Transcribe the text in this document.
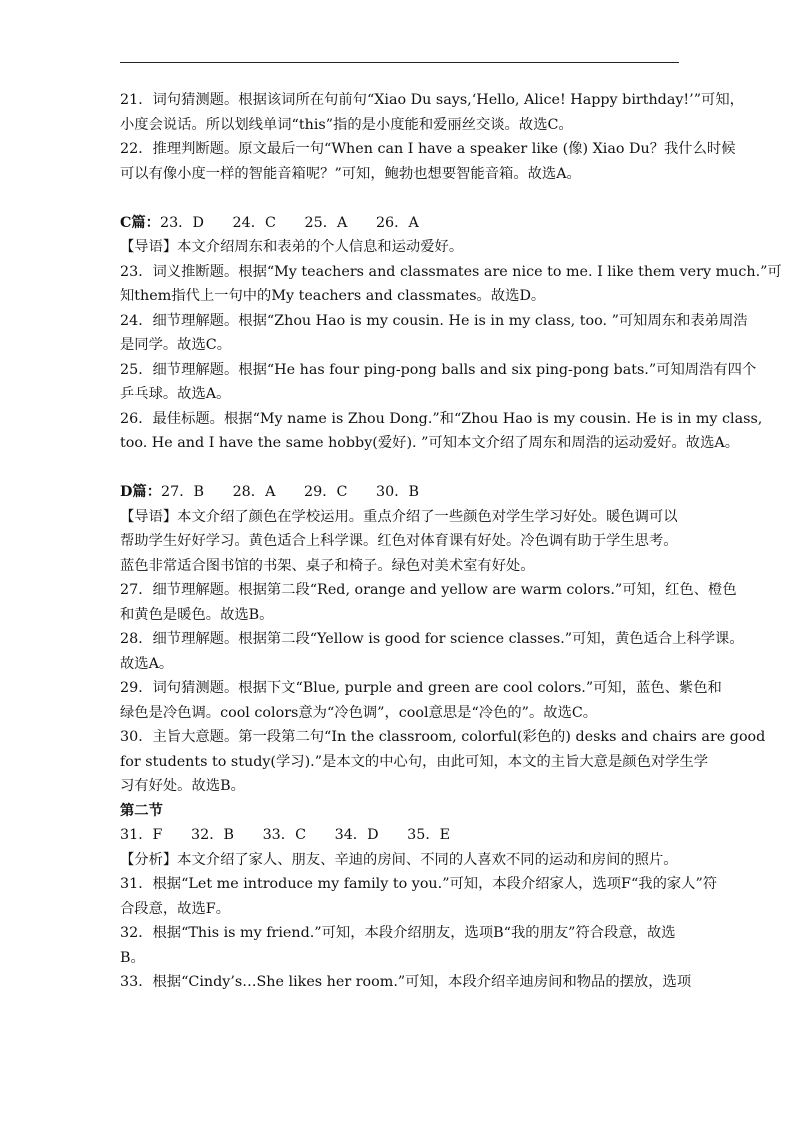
21．词句猜测题。根据该词所在句前句“Xiao Du says,‘Hello, Alice! Happy birthday!’”可知，

小度会说话。所以划线单词“this”指的是小度能和爱丽丝交谈。故选C。

22．推理判断题。原文最后一句“When can I have a speaker like (像) Xiao Du？我什么时候

可以有像小度一样的智能音箱呢？”可知，鲍勃也想要智能音箱。故选A。

C篇：23．D　　24．C　　25．A　　26．A

【导语】本文介绍周东和表弟的个人信息和运动爱好。

23．词义推断题。根据“My teachers and classmates are nice to me. I like them very much.”可

知them指代上一句中的My teachers and classmates。故选D。

24．细节理解题。根据“Zhou Hao is my cousin. He is in my class, too. ”可知周东和表弟周浩

是同学。故选C。

25．细节理解题。根据“He has four ping-pong balls and six ping-pong bats.”可知周浩有四个

乒乓球。故选A。

26．最佳标题。根据“My name is Zhou Dong.”和“Zhou Hao is my cousin. He is in my class,

too. He and I have the same hobby(爱好). ”可知本文介绍了周东和周浩的运动爱好。故选A。

D篇：27．B　　28．A　　29．C　　30．B

【导语】本文介绍了颜色在学校运用。重点介绍了一些颜色对学生学习好处。暖色调可以

帮助学生好好学习。黄色适合上科学课。红色对体育课有好处。冷色调有助于学生思考。

蓝色非常适合图书馆的书架、桌子和椅子。绿色对美术室有好处。

27．细节理解题。根据第二段“Red, orange and yellow are warm colors.”可知，红色、橙色

和黄色是暖色。故选B。

28．细节理解题。根据第二段“Yellow is good for science classes.”可知，黄色适合上科学课。

故选A。

29．词句猜测题。根据下文“Blue, purple and green are cool colors.”可知，蓝色、紫色和

绿色是冷色调。cool colors意为“冷色调”，cool意思是“冷色的”。故选C。

30．主旨大意题。第一段第二句“In the classroom, colorful(彩色的) desks and chairs are good

for students to study(学习).”是本文的中心句，由此可知，本文的主旨大意是颜色对学生学

习有好处。故选B。

第二节

31．F　　32．B　　33．C　　34．D　　35．E

【分析】本文介绍了家人、朋友、辛迪的房间、不同的人喜欢不同的运动和房间的照片。

31．根据“Let me introduce my family to you.”可知，本段介绍家人，选项F“我的家人”符

合段意，故选F。

32．根据“This is my friend.”可知，本段介绍朋友，选项B“我的朋友”符合段意，故选

B。

33．根据“Cindy’s…She likes her room.”可知，本段介绍辛迪房间和物品的摆放，选项
